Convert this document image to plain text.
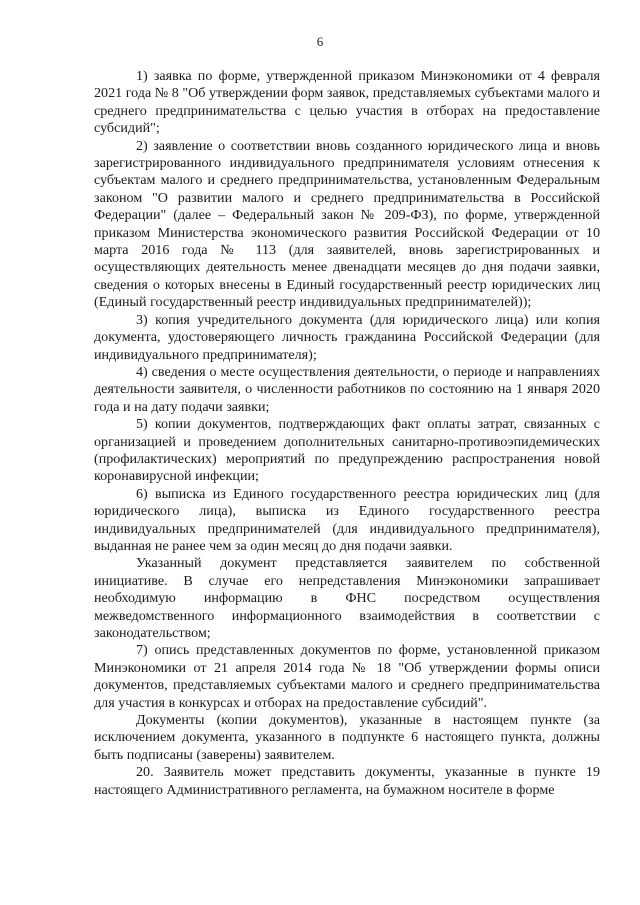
6

1) заявка по форме, утвержденной приказом Минэкономики от 4 февраля 2021 года № 8 "Об утверждении форм заявок, представляемых субъектами малого и среднего предпринимательства с целью участия в отборах на предоставление субсидий";

2) заявление о соответствии вновь созданного юридического лица и вновь зарегистрированного индивидуального предпринимателя условиям отнесения к субъектам малого и среднего предпринимательства, установленным Федеральным законом "О развитии малого и среднего предпринимательства в Российской Федерации" (далее – Федеральный закон № 209-ФЗ), по форме, утвержденной приказом Министерства экономического развития Российской Федерации от 10 марта 2016 года № 113 (для заявителей, вновь зарегистрированных и осуществляющих деятельность менее двенадцати месяцев до дня подачи заявки, сведения о которых внесены в Единый государственный реестр юридических лиц (Единый государственный реестр индивидуальных предпринимателей));

3) копия учредительного документа (для юридического лица) или копия документа, удостоверяющего личность гражданина Российской Федерации (для индивидуального предпринимателя);

4) сведения о месте осуществления деятельности, о периоде и направлениях деятельности заявителя, о численности работников по состоянию на 1 января 2020 года и на дату подачи заявки;

5) копии документов, подтверждающих факт оплаты затрат, связанных с организацией и проведением дополнительных санитарно-противоэпидемических (профилактических) мероприятий по предупреждению распространения новой коронавирусной инфекции;

6) выписка из Единого государственного реестра юридических лиц (для юридического лица), выписка из Единого государственного реестра индивидуальных предпринимателей (для индивидуального предпринимателя), выданная не ранее чем за один месяц до дня подачи заявки.

Указанный документ представляется заявителем по собственной инициативе. В случае его непредставления Минэкономики запрашивает необходимую информацию в ФНС посредством осуществления межведомственного информационного взаимодействия в соответствии с законодательством;

7) опись представленных документов по форме, установленной приказом Минэкономики от 21 апреля 2014 года № 18 "Об утверждении формы описи документов, представляемых субъектами малого и среднего предпринимательства для участия в конкурсах и отборах на предоставление субсидий".

Документы (копии документов), указанные в настоящем пункте (за исключением документа, указанного в подпункте 6 настоящего пункта, должны быть подписаны (заверены) заявителем.

20. Заявитель может представить документы, указанные в пункте 19 настоящего Административного регламента, на бумажном носителе в форме
